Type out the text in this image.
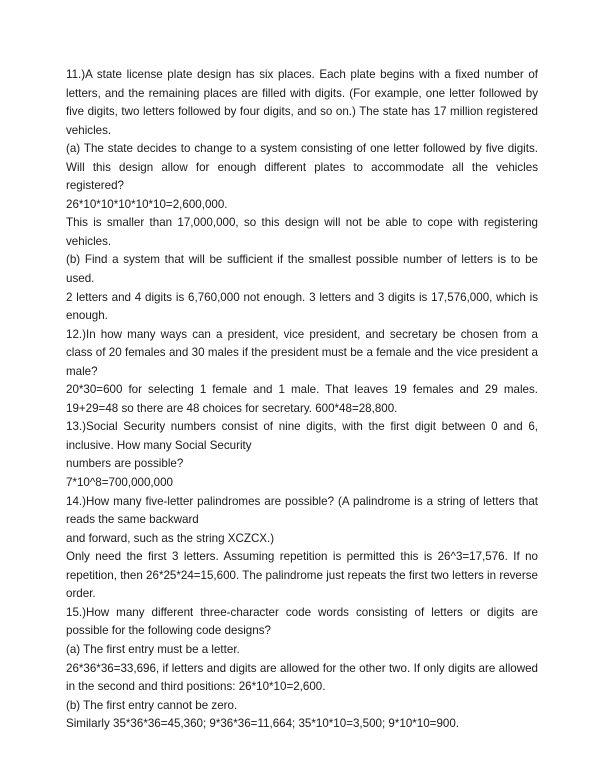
11.)A state license plate design has six places. Each plate begins with a fixed number of letters, and the remaining places are filled with digits. (For example, one letter followed by five digits, two letters followed by four digits, and so on.) The state has 17 million registered vehicles.

(a) The state decides to change to a system consisting of one letter followed by five digits. Will this design allow for enough different plates to accommodate all the vehicles registered?

26*10*10*10*10*10=2,600,000.

This is smaller than 17,000,000, so this design will not be able to cope with registering vehicles.

(b) Find a system that will be sufficient if the smallest possible number of letters is to be used.

2 letters and 4 digits is 6,760,000 not enough. 3 letters and 3 digits is 17,576,000, which is enough.

12.)In how many ways can a president, vice president, and secretary be chosen from a class of 20 females and 30 males if the president must be a female and the vice president a male?

20*30=600 for selecting 1 female and 1 male. That leaves 19 females and 29 males. 19+29=48 so there are 48 choices for secretary. 600*48=28,800.

13.)Social Security numbers consist of nine digits, with the first digit between 0 and 6, inclusive. How many Social Security

numbers are possible?

7*10^8=700,000,000

14.)How many five-letter palindromes are possible? (A palindrome is a string of letters that reads the same backward

and forward, such as the string XCZCX.)

Only need the first 3 letters. Assuming repetition is permitted this is 26^3=17,576. If no repetition, then 26*25*24=15,600. The palindrome just repeats the first two letters in reverse order.

15.)How many different three-character code words consisting of letters or digits are possible for the following code designs?

(a) The first entry must be a letter.

26*36*36=33,696, if letters and digits are allowed for the other two. If only digits are allowed in the second and third positions: 26*10*10=2,600.

(b) The first entry cannot be zero.

Similarly 35*36*36=45,360; 9*36*36=11,664; 35*10*10=3,500; 9*10*10=900.
